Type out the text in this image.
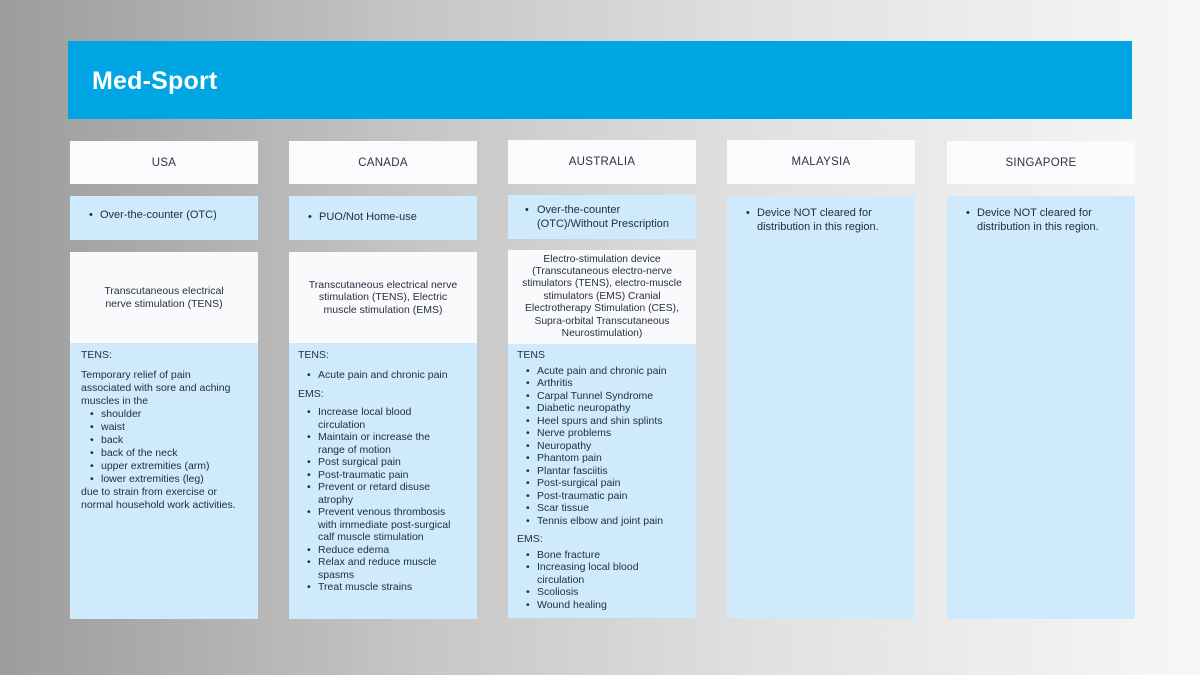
Med-Sport ·
USA
• Over-the-counter (OTC)
Transcutaneous electrical nerve stimulation (TENS)
TENS:
Temporary relief of pain associated with sore and aching muscles in the
• shoulder
• waist
• back
• back of the neck
• upper extremities (arm)
• lower extremities (leg)
due to strain from exercise or normal household work activities.
CANADA
• PUO/Not Home-use
Transcutaneous electrical nerve stimulation (TENS), Electric muscle stimulation (EMS)
TENS:
• Acute pain and chronic pain
EMS:
• Increase local blood circulation
• Maintain or increase the range of motion
• Post surgical pain
• Post-traumatic pain
• Prevent or retard disuse atrophy
• Prevent venous thrombosis with immediate post-surgical calf muscle stimulation
• Reduce edema
• Relax and reduce muscle spasms
• Treat muscle strains
AUSTRALIA
• Over-the-counter (OTC)/Without Prescription
Electro-stimulation device (Transcutaneous electro-nerve stimulators (TENS), electro-muscle stimulators (EMS) Cranial Electrotherapy Stimulation (CES), Supra-orbital Transcutaneous Neurostimulation)
TENS
• Acute pain and chronic pain
• Arthritis
• Carpal Tunnel Syndrome
• Diabetic neuropathy
• Heel spurs and shin splints
• Nerve problems
• Neuropathy
• Phantom pain
• Plantar fasciitis
• Post-surgical pain
• Post-traumatic pain
• Scar tissue
• Tennis elbow and joint pain
EMS:
• Bone fracture
• Increasing local blood circulation
• Scoliosis
• Wound healing
MALAYSIA
• Device NOT cleared for distribution in this region.
SINGAPORE
• Device NOT cleared for distribution in this region.
